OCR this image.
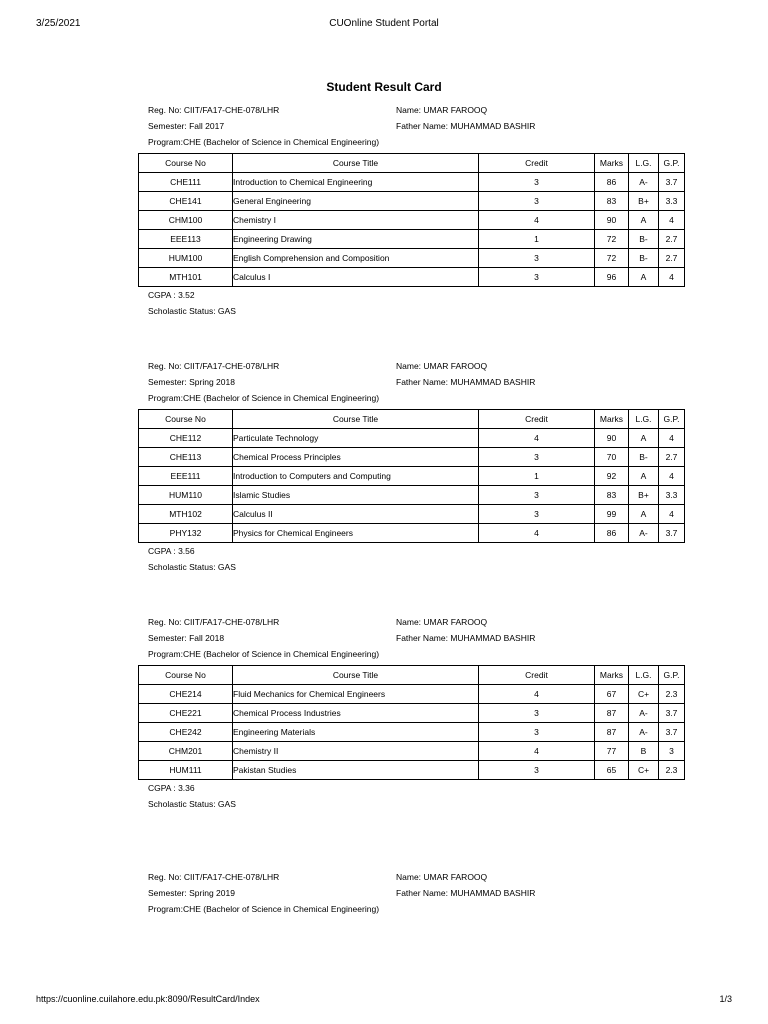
3/25/2021	CUOnline Student Portal
Student Result Card
Reg. No: CIIT/FA17-CHE-078/LHR	Name: UMAR FAROOQ
Semester: Fall 2017	Father Name: MUHAMMAD BASHIR
Program:CHE (Bachelor of Science in Chemical Engineering)
Course No	Course Title	Credit	Marks	L.G.	G.P.
CHE111	Introduction to Chemical Engineering	3	86	A-	3.7
CHE141	General Engineering	3	83	B+	3.3
CHM100	Chemistry I	4	90	A	4
EEE113	Engineering Drawing	1	72	B-	2.7
HUM100	English Comprehension and Composition	3	72	B-	2.7
MTH101	Calculus I	3	96	A	4
CGPA : 3.52
Scholastic Status: GAS
Reg. No: CIIT/FA17-CHE-078/LHR	Name: UMAR FAROOQ
Semester: Spring 2018	Father Name: MUHAMMAD BASHIR
Program:CHE (Bachelor of Science in Chemical Engineering)
Course No	Course Title	Credit	Marks	L.G.	G.P.
CHE112	Particulate Technology	4	90	A	4
CHE113	Chemical Process Principles	3	70	B-	2.7
EEE111	Introduction to Computers and Computing	1	92	A	4
HUM110	Islamic Studies	3	83	B+	3.3
MTH102	Calculus II	3	99	A	4
PHY132	Physics for Chemical Engineers	4	86	A-	3.7
CGPA : 3.56
Scholastic Status: GAS
Reg. No: CIIT/FA17-CHE-078/LHR	Name: UMAR FAROOQ
Semester: Fall 2018	Father Name: MUHAMMAD BASHIR
Program:CHE (Bachelor of Science in Chemical Engineering)
Course No	Course Title	Credit	Marks	L.G.	G.P.
CHE214	Fluid Mechanics for Chemical Engineers	4	67	C+	2.3
CHE221	Chemical Process Industries	3	87	A-	3.7
CHE242	Engineering Materials	3	87	A-	3.7
CHM201	Chemistry II	4	77	B	3
HUM111	Pakistan Studies	3	65	C+	2.3
CGPA : 3.36
Scholastic Status: GAS
Reg. No: CIIT/FA17-CHE-078/LHR	Name: UMAR FAROOQ
Semester: Spring 2019	Father Name: MUHAMMAD BASHIR
Program:CHE (Bachelor of Science in Chemical Engineering)
https://cuonline.cuilahore.edu.pk:8090/ResultCard/Index	1/3
